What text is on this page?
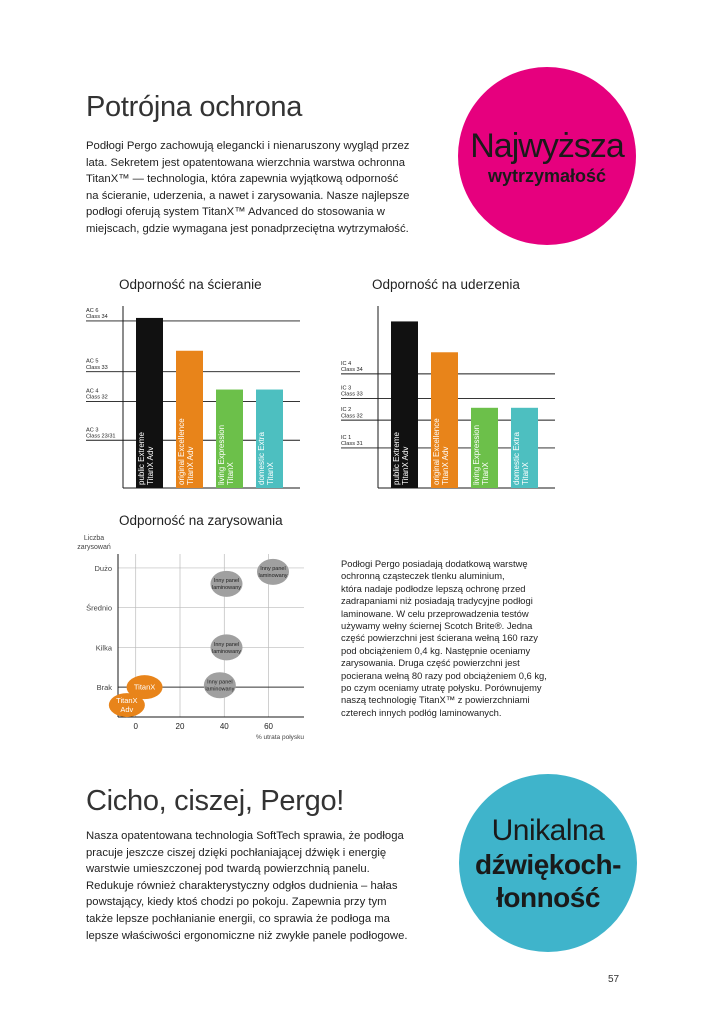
Potrójna ochrona

Podłogi Pergo zachowują elegancki i nienaruszony wygląd przez

lata. Sekretem jest opatentowana wierzchnia warstwa ochronna

TitanX™ — technologia, która zapewnia wyjątkową odporność

na ścieranie, uderzenia, a nawet i zarysowania. Nasze najlepsze

podłogi oferują system TitanX™ Advanced do stosowania w

miejscach, gdzie wymagana jest ponadprzeciętna wytrzymałość.

Najwyższa
wytrzymałość
Odporność na ścieranie
AC 6 Class 34
AC 5 Class 33
AC 4 Class 32
AC 3 Class 23/31	public ExtremeTitanX Adv	original ExcellenceTitanX Adv	living ExpressionTitanX	domestic ExtraTitanX
Odporność na uderzenia
IC 4 Class 34
IC 3 Class 33
IC 2 Class 32
IC 1 Class 31	public ExtremeTitanX Adv	original ExcellenceTitanX Adv	living ExpressionTitanX	domestic ExtraTitanX
Odporność na zarysowania
Liczba zarysowań
0	20	40	60
Brak
Kilka
Średnio
Dużo
% utrata połysku
Inny panel laminowany
Inny panel laminowany
Inny panel laminowany
Inny panel laminowany
TitanX
TitanX Adv

Podłogi Pergo posiadają dodatkową warstwę

ochronną cząsteczek tlenku aluminium,

która nadaje podłodze lepszą ochronę przed

zadrapaniami niż posiadają tradycyjne podłogi

laminowane. W celu przeprowadzenia testów

używamy wełny ściernej Scotch Brite®. Jedna

część powierzchni jest ścierana wełną 160 razy

pod obciążeniem 0,4 kg. Następnie oceniamy

zarysowania. Druga część powierzchni jest

pocierana wełną 80 razy pod obciążeniem 0,6 kg,

po czym oceniamy utratę połysku. Porównujemy

naszą technologię TitanX™ z powierzchniami

czterech innych podłóg laminowanych.

Cicho, ciszej, Pergo!

Nasza opatentowana technologia SoftTech sprawia, że podłoga

pracuje jeszcze ciszej dzięki pochłaniającej dźwięk i energię

warstwie umieszczonej pod twardą powierzchnią panelu.

Redukuje również charakterystyczny odgłos dudnienia – hałas

powstający, kiedy ktoś chodzi po pokoju. Zapewnia przy tym

także lepsze pochłanianie energii, co sprawia że podłoga ma

lepsze właściwości ergonomiczne niż zwykłe panele podłogowe.

Unikalna
dźwiękoch-
łonność
57
